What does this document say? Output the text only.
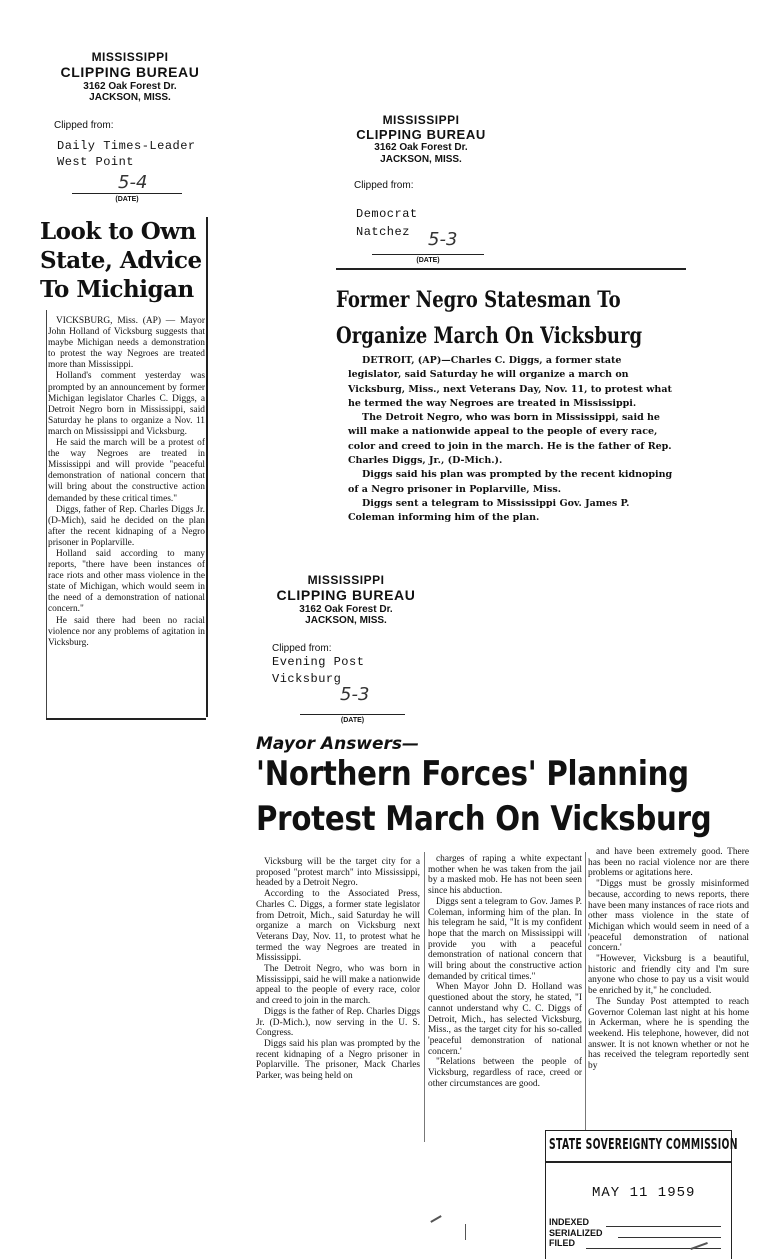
MISSISSIPPI
CLIPPING BUREAU
3162 Oak Forest Dr.
JACKSON, MISS.
Clipped from:
Daily Times-Leader
West Point
5-4
(DATE)
Look to Own
State, Advice
To Michigan

VICKSBURG, Miss. (AP) — Mayor John Holland of Vicksburg suggests that maybe Michigan needs a demonstration to protest the way Negroes are treated more than Mississippi.

Holland's comment yesterday was prompted by an announcement by former Michigan legislator Charles C. Diggs, a Detroit Negro born in Mississippi, said Saturday he plans to organize a Nov. 11 march on Mississippi and Vicksburg.

He said the march will be a protest of the way Negroes are treated in Mississippi and will provide "peaceful demonstration of national concern that will bring about the constructive action demanded by these critical times."

Diggs, father of Rep. Charles Diggs Jr. (D-Mich), said he decided on the plan after the recent kidnaping of a Negro prisoner in Poplarville.

Holland said according to many reports, "there have been instances of race riots and other mass violence in the state of Michigan, which would seem in the need of a demonstration of national concern."

He said there had been no racial violence nor any problems of agitation in Vicksburg.

MISSISSIPPI
CLIPPING BUREAU
3162 Oak Forest Dr.
JACKSON, MISS.
Clipped from:
Democrat
Natchez 5-3
(DATE)
Former Negro Statesman To
Organize March On Vicksburg

DETROIT, (AP)—Charles C. Diggs, a former state legislator, said Saturday he will organize a march on Vicksburg, Miss., next Veterans Day, Nov. 11, to protest what he termed the way Negroes are treated in Mississippi.

The Detroit Negro, who was born in Mississippi, said he will make a nationwide appeal to the people of every race, color and creed to join in the march. He is the father of Rep. Charles Diggs, Jr., (D-Mich.).

Diggs said his plan was prompted by the recent kidnoping of a Negro prisoner in Poplarville, Miss.

Diggs sent a telegram to Mississippi Gov. James P. Coleman informing him of the plan.

MISSISSIPPI
CLIPPING BUREAU
3162 Oak Forest Dr.
JACKSON, MISS.
Clipped from:
Evening Post
Vicksburg
5-3
(DATE)
Mayor Answers—
'Northern Forces' Planning
Protest March On Vicksburg

Vicksburg will be the target city for a proposed "protest march" into Mississippi, headed by a Detroit Negro.

According to the Associated Press, Charles C. Diggs, a former state legislator from Detroit, Mich., said Saturday he will organize a march on Vicksburg next Veterans Day, Nov. 11, to protest what he termed the way Negroes are treated in Mississippi.

The Detroit Negro, who was born in Mississippi, said he will make a nationwide appeal to the people of every race, color and creed to join in the march.

Diggs is the father of Rep. Charles Diggs Jr. (D-Mich.), now serving in the U. S. Congress.

Diggs said his plan was prompted by the recent kidnaping of a Negro prisoner in Poplarville. The prisoner, Mack Charles Parker, was being held on

charges of raping a white expectant mother when he was taken from the jail by a masked mob. He has not been seen since his abduction.

Diggs sent a telegram to Gov. James P. Coleman, informing him of the plan. In his telegram he said, "It is my confident hope that the march on Mississippi will provide you with a peaceful demonstration of national concern that will bring about the constructive action demanded by critical times."

When Mayor John D. Holland was questioned about the story, he stated, "I cannot understand why C. C. Diggs of Detroit, Mich., has selected Vicksburg, Miss., as the target city for his so-called 'peaceful demonstration of national concern.'

"Relations between the people of Vicksburg, regardless of race, creed or other circumstances are good.

and have been extremely good. There has been no racial violence nor are there problems or agitations here.

"Diggs must be grossly misinformed because, according to news reports, there have been many instances of race riots and other mass violence in the state of Michigan which would seem in need of a 'peaceful demonstration of national concern.'

"However, Vicksburg is a beautiful, historic and friendly city and I'm sure anyone who chose to pay us a visit would be enriched by it," he concluded.

The Sunday Post attempted to reach Governor Coleman last night at his home in Ackerman, where he is spending the weekend. His telephone, however, did not answer. It is not known whether or not he has received the telegram reportedly sent by

STATE SOVEREIGNTY COMMISSION
MAY 11 1959
INDEXED
SERIALIZED
FILED
